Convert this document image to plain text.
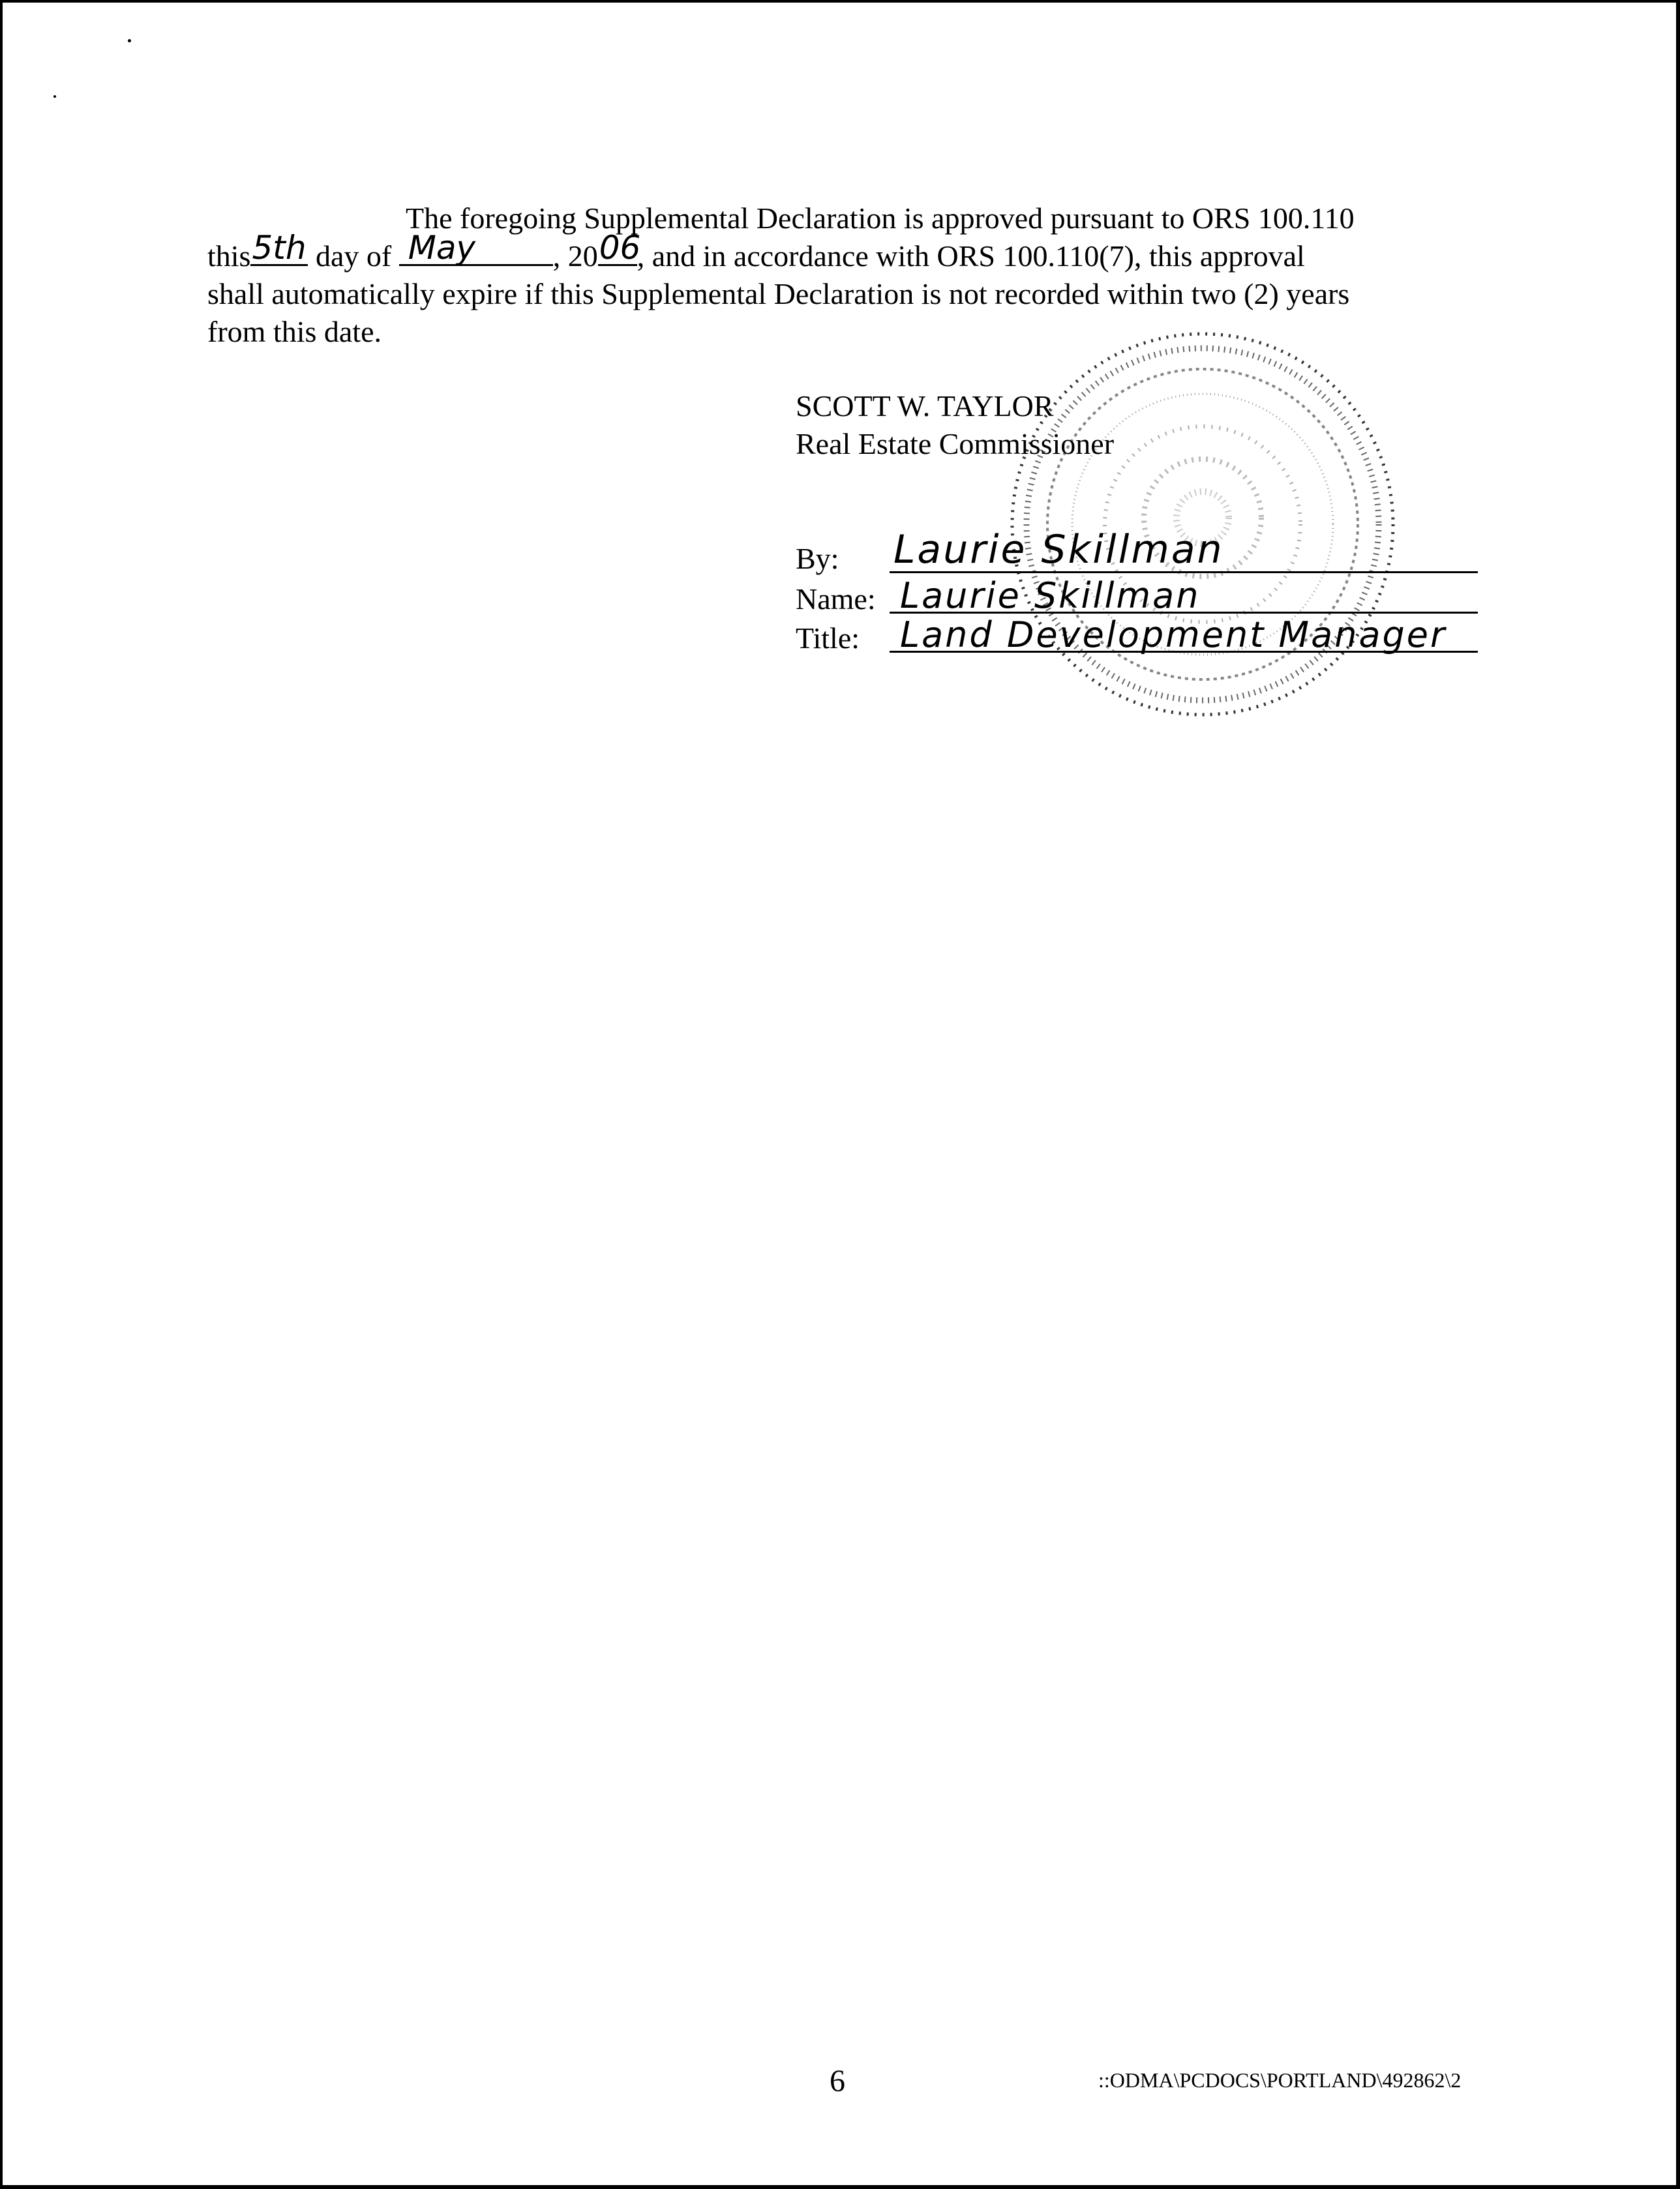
The foregoing Supplemental Declaration is approved pursuant to ORS 100.110
this 5th day of May	, 20 06
, and in accordance with ORS 100.110(7), this approval
shall automatically expire if this Supplemental Declaration is not recorded within two (2) years
from this date.
SCOTT W. TAYLOR
Real Estate Commissioner
By: Laurie Skillman
Name: Laurie Skillman
Title: Land Development Manager
6	::ODMA\PCDOCS\PORTLAND\492862\2
